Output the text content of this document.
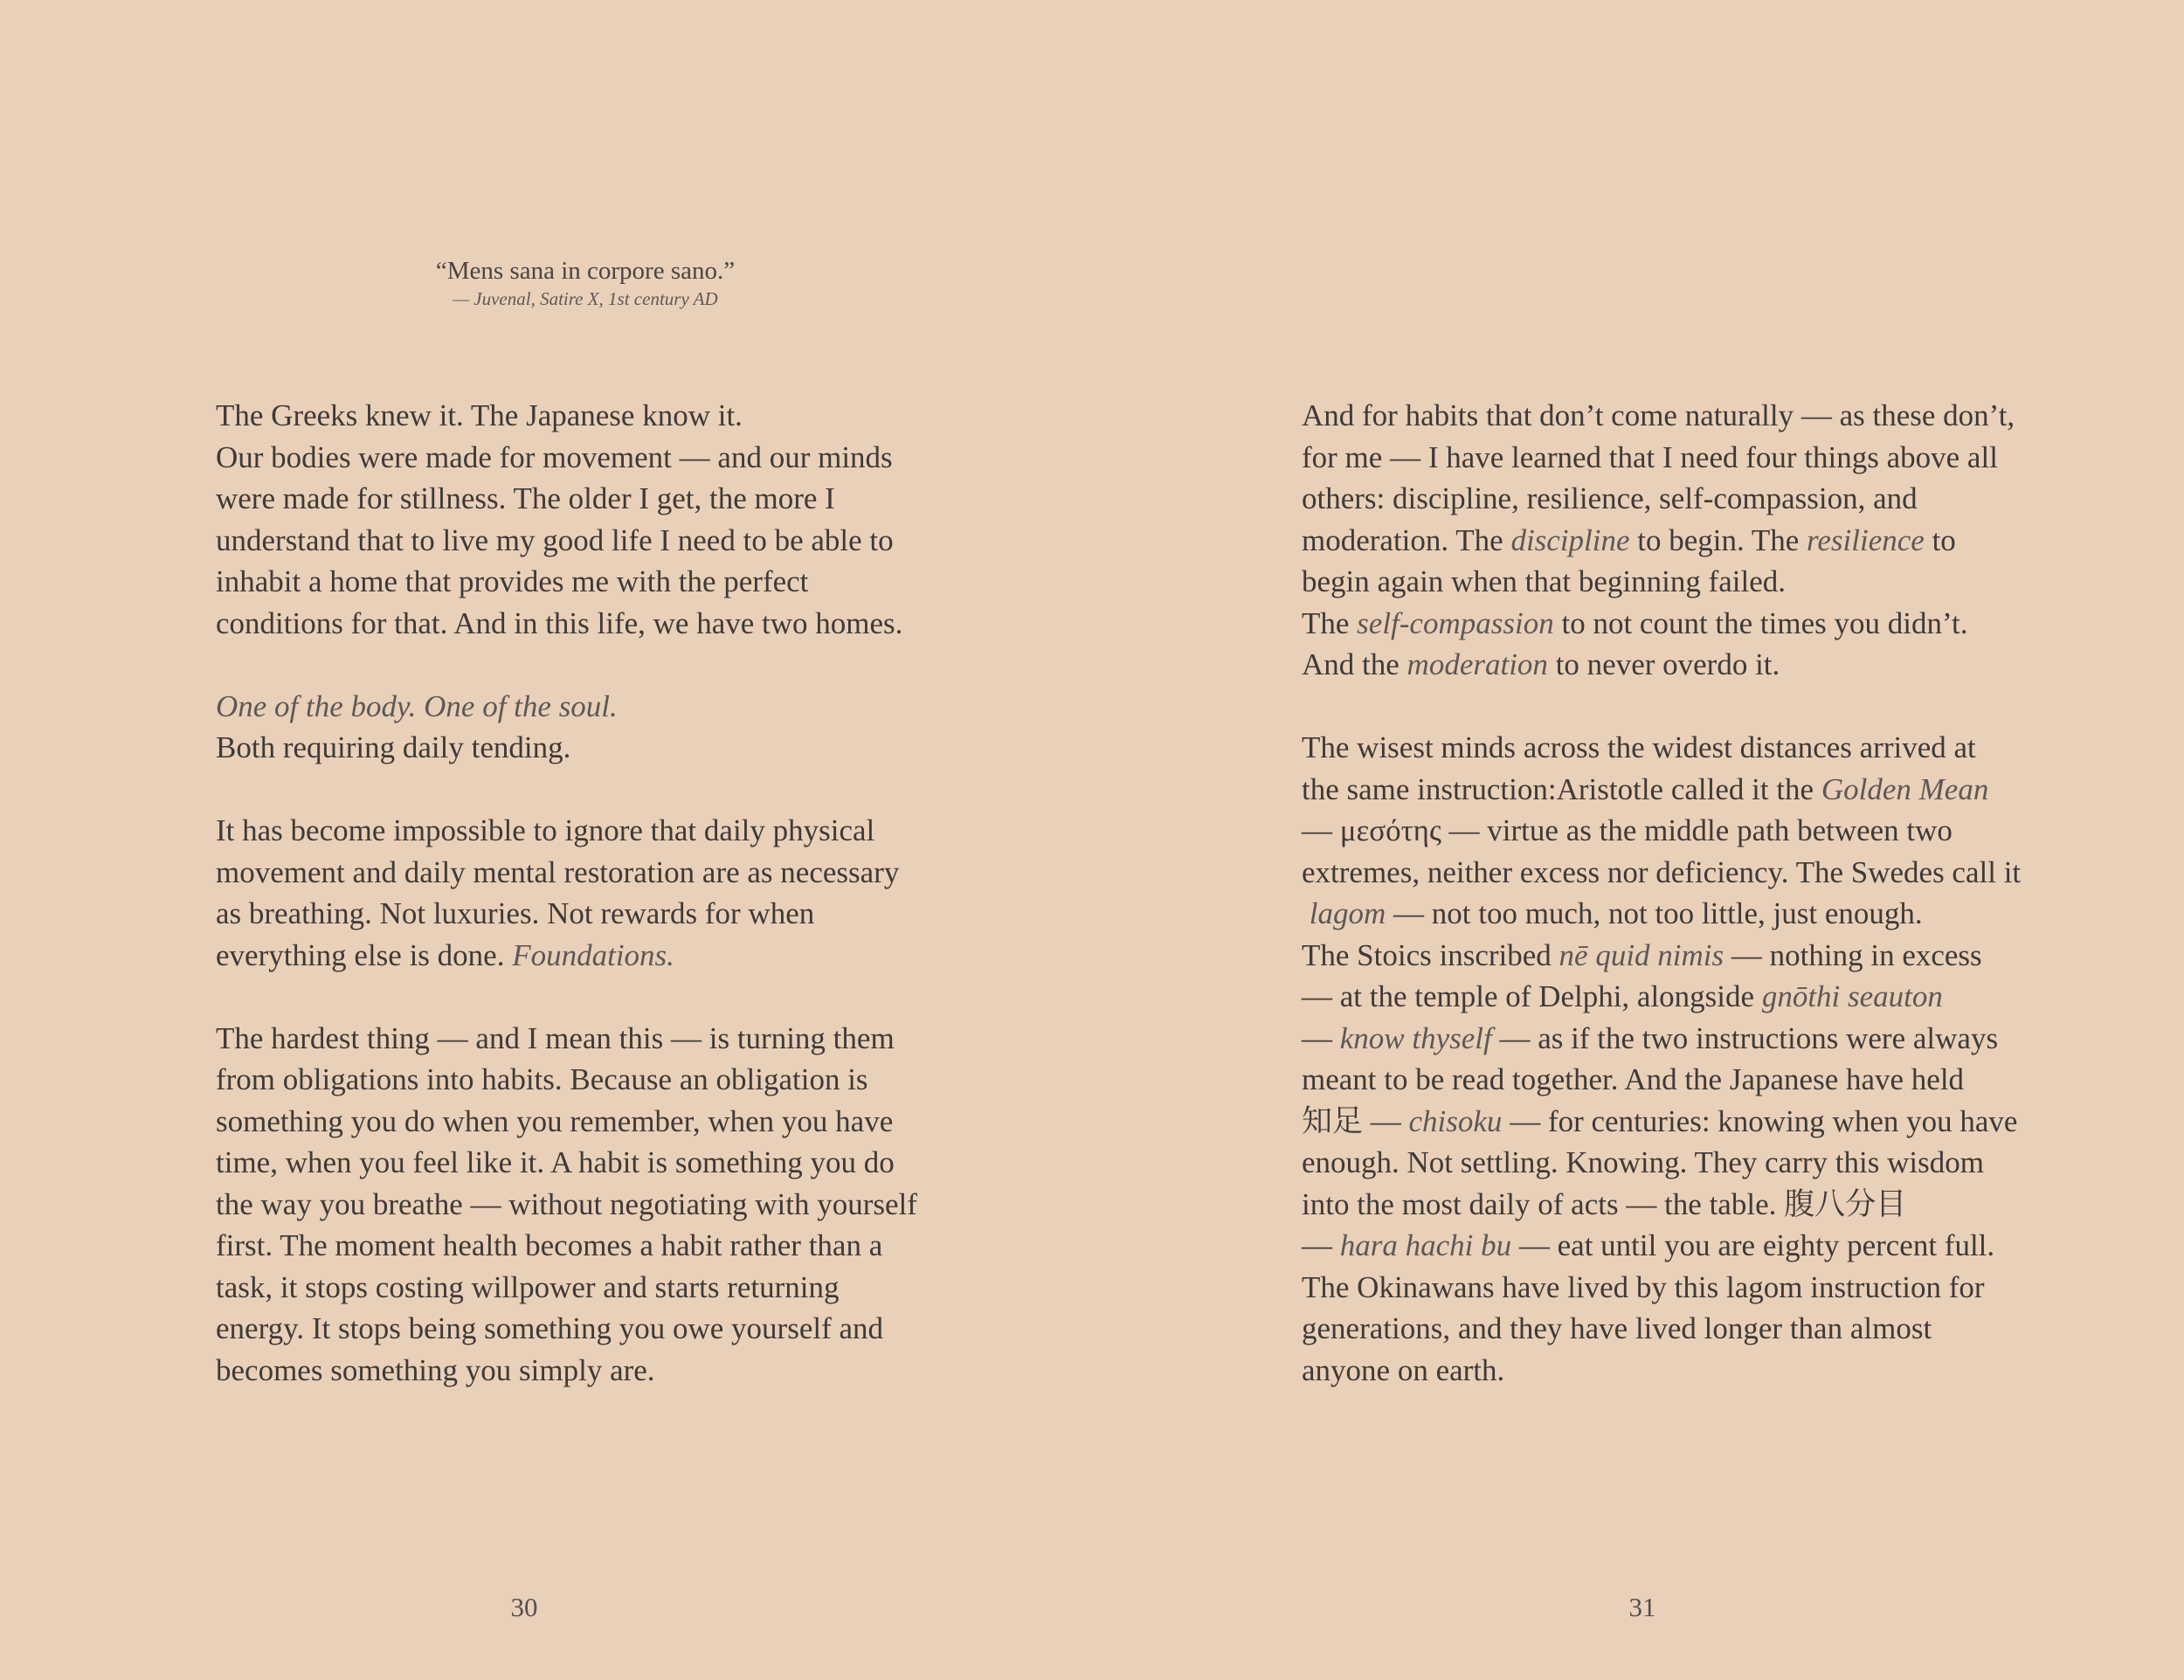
“Mens sana in corpore sano.”
— Juvenal, Satire X, 1st century AD

The Greeks knew it. The Japanese know it.
Our bodies were made for movement — and our minds
were made for stillness. The older I get, the more I
understand that to live my good life I need to be able to
inhabit a home that provides me with the perfect
conditions for that. And in this life, we have two homes.

One of the body. One of the soul.
Both requiring daily tending.

It has become impossible to ignore that daily physical
movement and daily mental restoration are as necessary
as breathing. Not luxuries. Not rewards for when
everything else is done. Foundations.

The hardest thing — and I mean this — is turning them
from obligations into habits. Because an obligation is
something you do when you remember, when you have
time, when you feel like it. A habit is something you do
the way you breathe — without negotiating with yourself
first. The moment health becomes a habit rather than a
task, it stops costing willpower and starts returning
energy. It stops being something you owe yourself and
becomes something you simply are.

And for habits that don’t come naturally — as these don’t,
for me — I have learned that I need four things above all
others: discipline, resilience, self-compassion, and
moderation. The discipline to begin. The resilience to
begin again when that beginning failed.
The self-compassion to not count the times you didn’t.
And the moderation to never overdo it.

The wisest minds across the widest distances arrived at
the same instruction:Aristotle called it the Golden Mean
— μεσότης — virtue as the middle path between two
extremes, neither excess nor deficiency. The Swedes call it
lagom — not too much, not too little, just enough.
The Stoics inscribed nē quid nimis — nothing in excess
— at the temple of Delphi, alongside gnōthi seauton
— know thyself — as if the two instructions were always
meant to be read together. And the Japanese have held
知足 — chisoku — for centuries: knowing when you have
enough. Not settling. Knowing. They carry this wisdom
into the most daily of acts — the table. 腹八分目
— hara hachi bu — eat until you are eighty percent full.
The Okinawans have lived by this lagom instruction for
generations, and they have lived longer than almost
anyone on earth.

30	31
